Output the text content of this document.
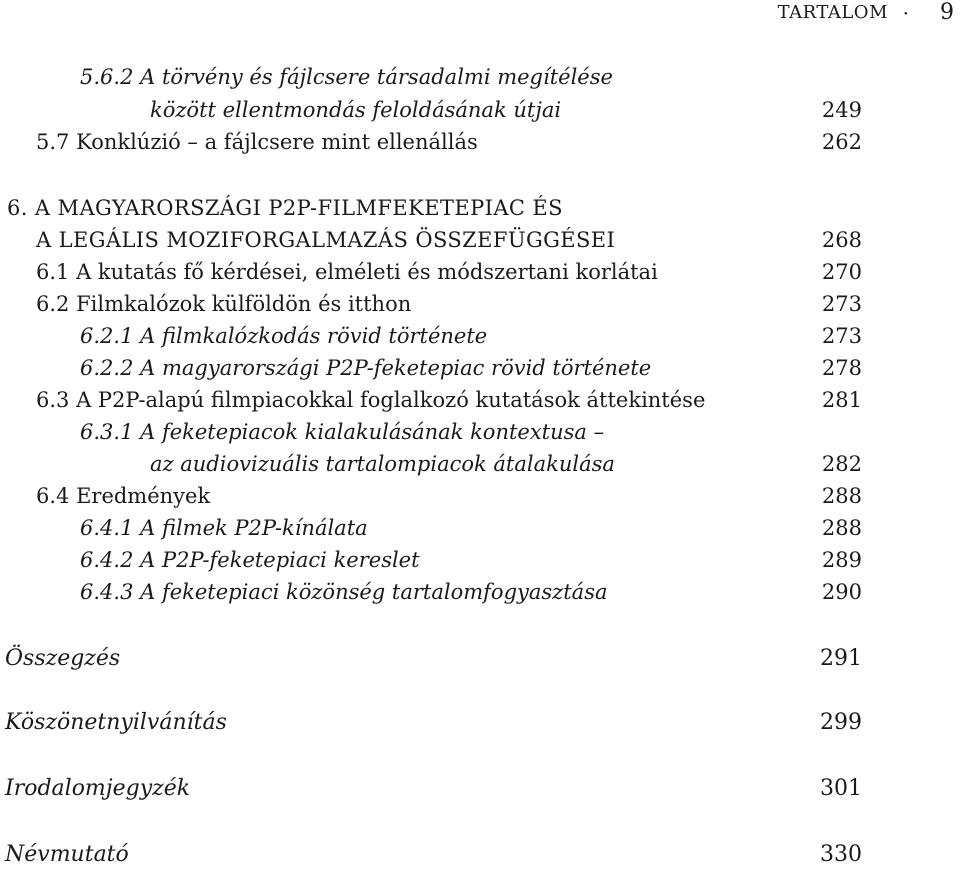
TARTALOM · 9
5.6.2 A törvény és fájlcsere társadalmi megítélése
között ellentmondás feloldásának útjai	249
5.7 Konklúzió – a fájlcsere mint ellenállás	262
6. A MAGYARORSZÁGI P2P-FILMFEKETEPIAC ÉS
A LEGÁLIS MOZIFORGALMAZÁS ÖSSZEFÜGGÉSEI	268
6.1 A kutatás fő kérdései, elméleti és módszertani korlátai	270
6.2 Filmkalózok külföldön és itthon	273
6.2.1 A filmkalózkodás rövid története	273
6.2.2 A magyarországi P2P-feketepiac rövid története	278
6.3 A P2P-alapú filmpiacokkal foglalkozó kutatások áttekintése	281
6.3.1 A feketepiacok kialakulásának kontextusa –
az audiovizuális tartalompiacok átalakulása	282
6.4 Eredmények	288
6.4.1 A filmek P2P-kínálata	288
6.4.2 A P2P-feketepiaci kereslet	289
6.4.3 A feketepiaci közönség tartalomfogyasztása	290
Összegzés	291
Köszönetnyilvánítás	299
Irodalomjegyzék	301
Névmutató	330
